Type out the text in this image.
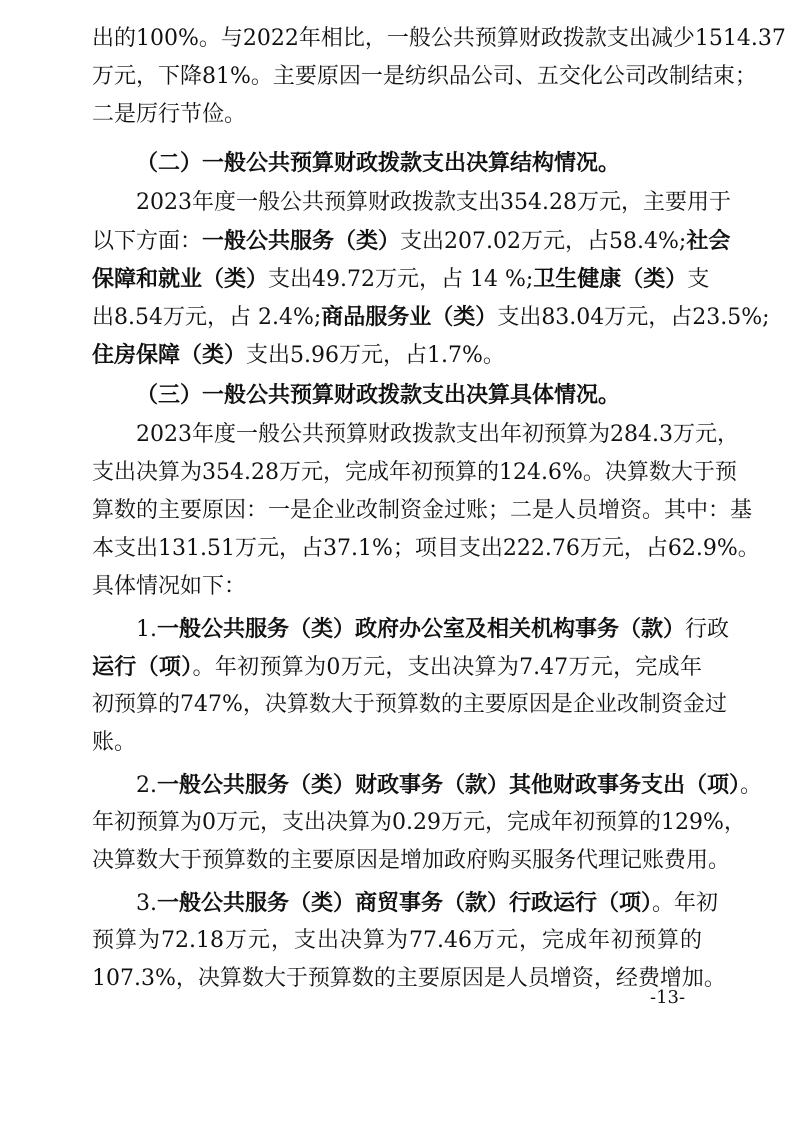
出的100%。与2022年相比，一般公共预算财政拨款支出减少1514.37
万元，下降81%。主要原因一是纺织品公司、五交化公司改制结束；
二是厉行节俭。
（二）一般公共预算财政拨款支出决算结构情况。
2023年度一般公共预算财政拨款支出354.28万元，主要用于
以下方面：一般公共服务（类）支出207.02万元，占58.4%;社会
保障和就业（类）支出49.72万元，占 14 %;卫生健康（类）支
出8.54万元，占 2.4%;商品服务业（类）支出83.04万元，占23.5%;
住房保障（类）支出5.96万元，占1.7%。
（三）一般公共预算财政拨款支出决算具体情况。
2023年度一般公共预算财政拨款支出年初预算为284.3万元，
支出决算为354.28万元，完成年初预算的124.6%。决算数大于预
算数的主要原因：一是企业改制资金过账；二是人员增资。其中：基
本支出131.51万元，占37.1%；项目支出222.76万元，占62.9%。
具体情况如下：
1.一般公共服务（类）政府办公室及相关机构事务（款）行政
运行（项）。年初预算为0万元，支出决算为7.47万元，完成年
初预算的747%，决算数大于预算数的主要原因是企业改制资金过
账。
2.一般公共服务（类）财政事务（款）其他财政事务支出（项）。
年初预算为0万元，支出决算为0.29万元，完成年初预算的129%，
决算数大于预算数的主要原因是增加政府购买服务代理记账费用。
3.一般公共服务（类）商贸事务（款）行政运行（项）。年初
预算为72.18万元，支出决算为77.46万元，完成年初预算的
107.3%，决算数大于预算数的主要原因是人员增资，经费增加。
-13-
